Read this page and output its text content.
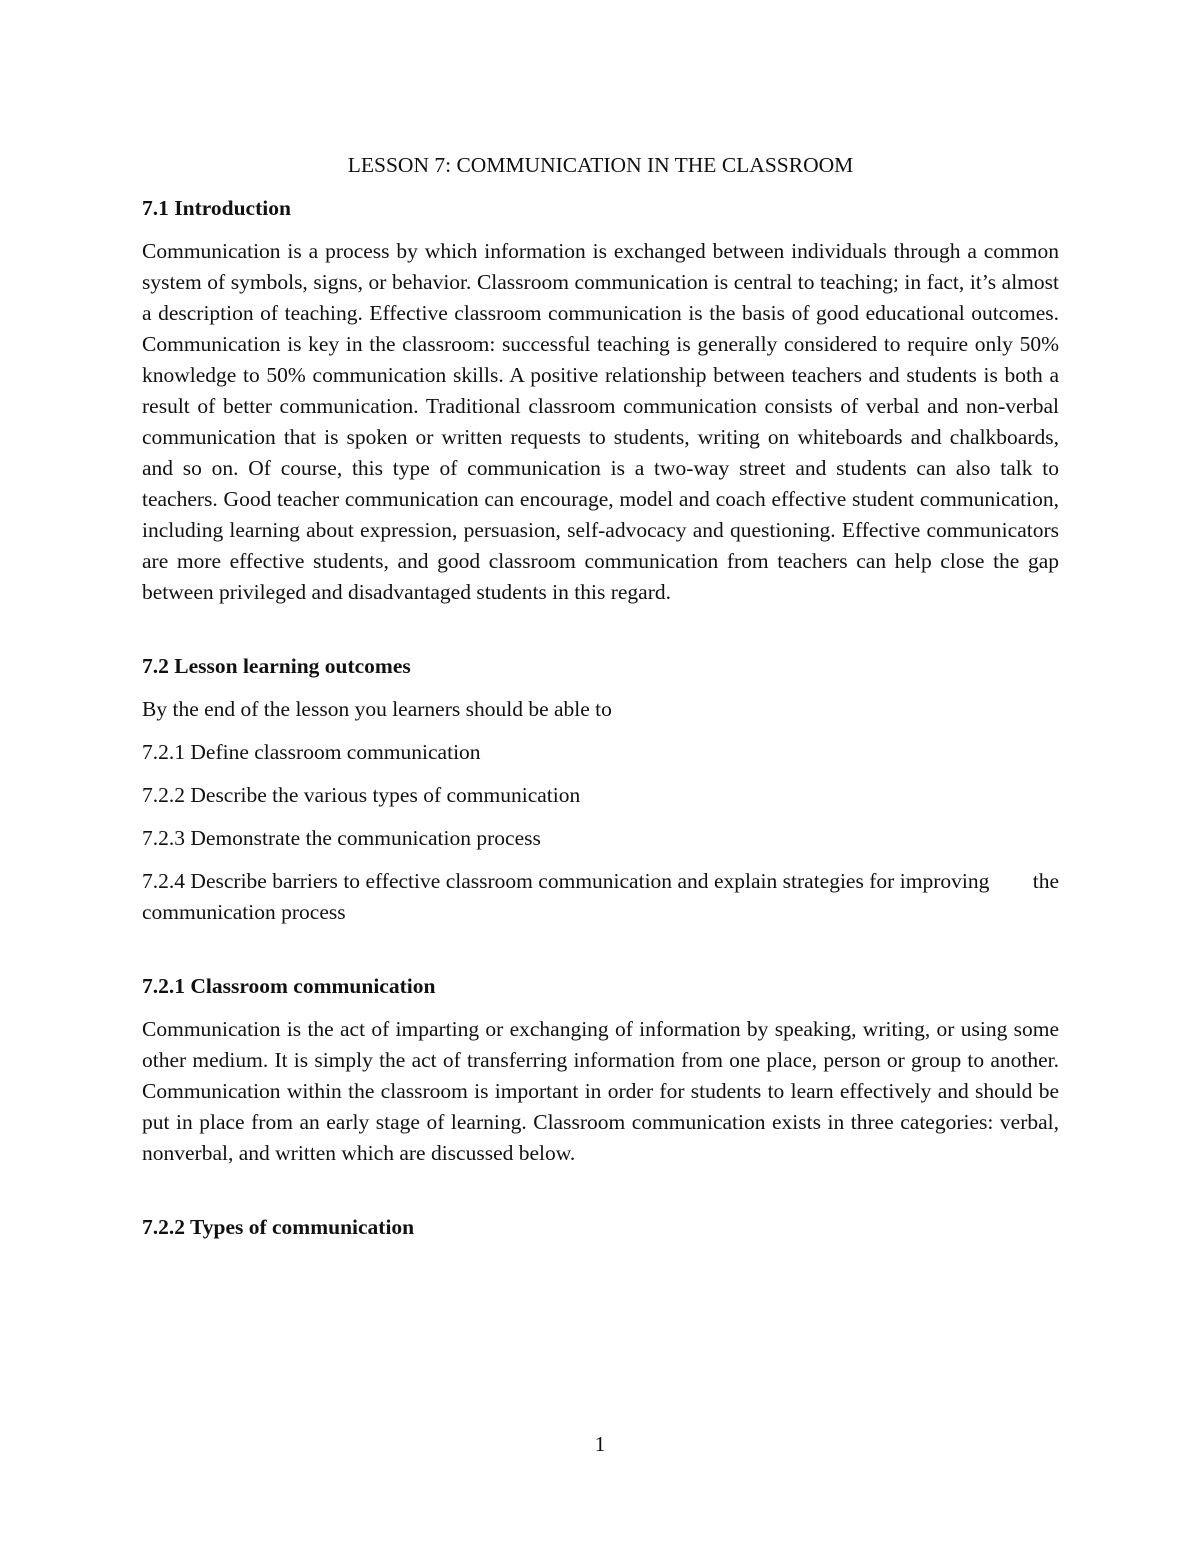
LESSON 7: COMMUNICATION IN THE CLASSROOM
7.1 Introduction

Communication is a process by which information is exchanged between individuals through a common system of symbols, signs, or behavior. Classroom communication is central to teaching; in fact, it’s almost a description of teaching. Effective classroom communication is the basis of good educational outcomes. Communication is key in the classroom: successful teaching is generally considered to require only 50% knowledge to 50% communication skills. A positive relationship between teachers and students is both a result of better communication. Traditional classroom communication consists of verbal and non-verbal communication that is spoken or written requests to students, writing on whiteboards and chalkboards, and so on. Of course, this type of communication is a two-way street and students can also talk to teachers. Good teacher communication can encourage, model and coach effective student communication, including learning about expression, persuasion, self-advocacy and questioning. Effective communicators are more effective students, and good classroom communication from teachers can help close the gap between privileged and disadvantaged students in this regard.

7.2 Lesson learning outcomes

By the end of the lesson you learners should be able to

7.2.1 Define classroom communication

7.2.2 Describe the various types of communication

7.2.3 Demonstrate the communication process

7.2.4 Describe barriers to effective classroom communication and explain strategies for improving        the communication process

7.2.1 Classroom communication

Communication is the act of imparting or exchanging of information by speaking, writing, or using some other medium. It is simply the act of transferring information from one place, person or group to another. Communication within the classroom is important in order for students to learn effectively and should be put in place from an early stage of learning. Classroom communication exists in three categories: verbal, nonverbal, and written which are discussed below.

7.2.2 Types of communication
1
